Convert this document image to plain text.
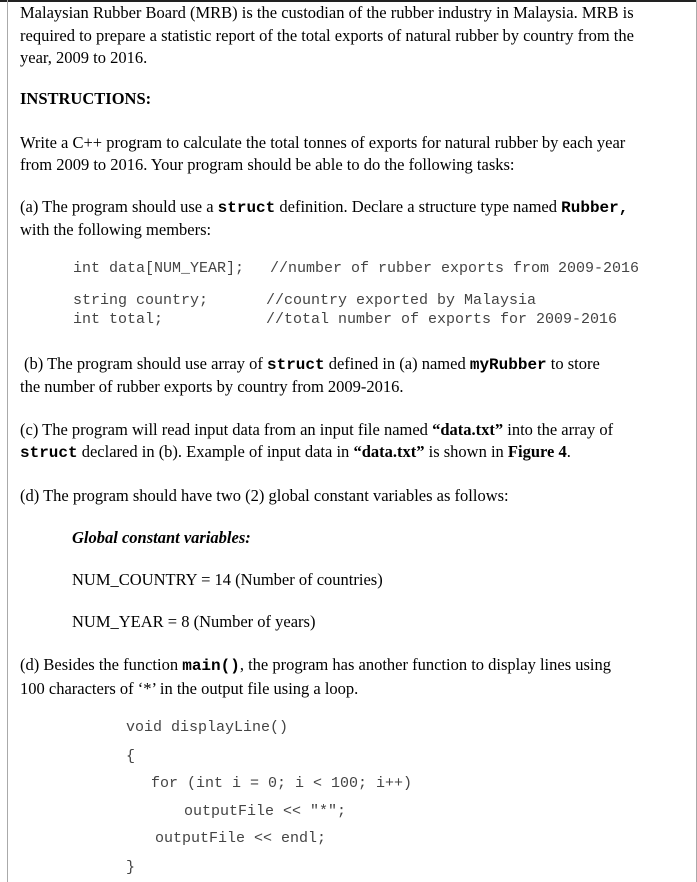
Malaysian Rubber Board (MRB) is the custodian of the rubber industry in Malaysia. MRB is
required to prepare a statistic report of the total exports of natural rubber by country from the
year, 2009 to 2016.
INSTRUCTIONS:
Write a C++ program to calculate the total tonnes of exports for natural rubber by each year
from 2009 to 2016. Your program should be able to do the following tasks:
(a) The program should use a struct definition. Declare a structure type named Rubber,
with the following members:
int data[NUM_YEAR]; //number of rubber exports from 2009-2016
string country;	//country exported by Malaysia
int total;	//total number of exports for 2009-2016
(b) The program should use array of struct defined in (a) named myRubber to store
the number of rubber exports by country from 2009-2016.
(c) The program will read input data from an input file named “data.txt” into the array of
struct declared in (b). Example of input data in “data.txt” is shown in Figure 4.
(d) The program should have two (2) global constant variables as follows:
Global constant variables:
NUM_COUNTRY = 14 (Number of countries)
NUM_YEAR = 8 (Number of years)
(d) Besides the function main(), the program has another function to display lines using
100 characters of ‘*’ in the output file using a loop.
void displayLine()
{
for (int i = 0; i < 100; i++)
outputFile << "*";
outputFile << endl;
}
